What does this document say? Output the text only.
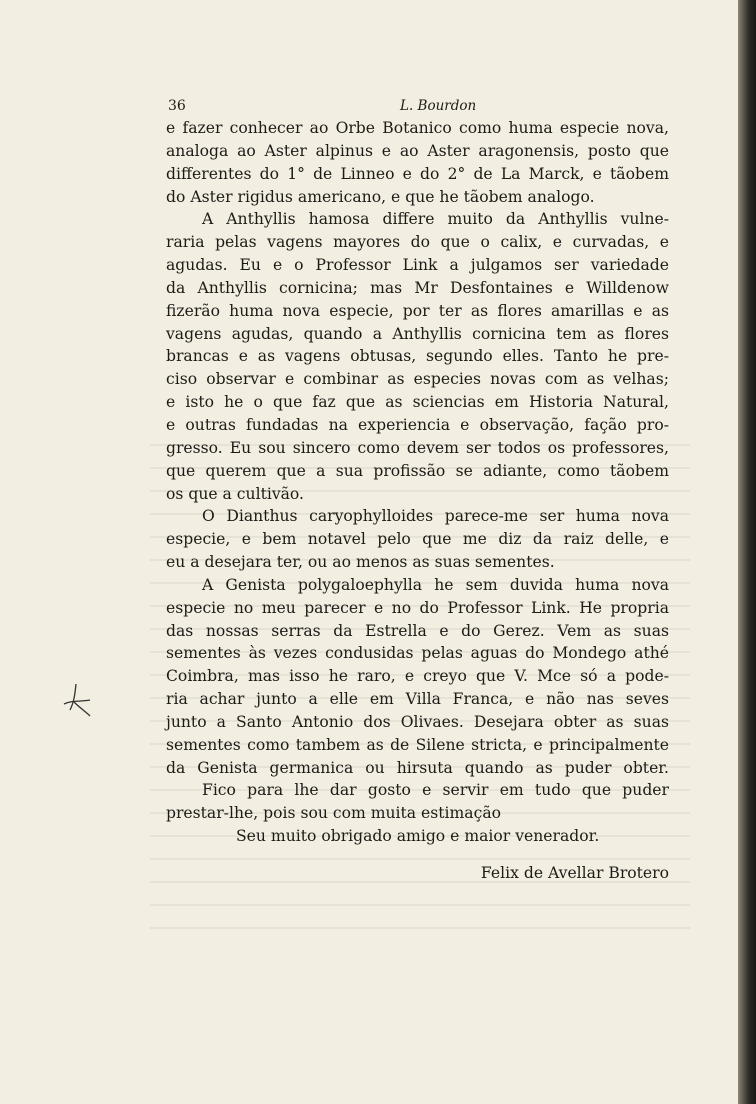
36	L. Bourdon

e fazer conhecer ao Orbe Botanico como huma especie nova,
analoga ao Aster alpinus e ao Aster aragonensis, posto que
differentes do 1° de Linneo e do 2° de La Marck, e tãobem
do Aster rigidus americano, e que he tãobem analogo.

A Anthyllis hamosa differe muito da Anthyllis vulne-
raria pelas vagens mayores do que o calix, e curvadas, e
agudas. Eu e o Professor Link a julgamos ser variedade
da Anthyllis cornicina; mas Mr Desfontaines e Willdenow
fizerão huma nova especie, por ter as flores amarillas e as
vagens agudas, quando a Anthyllis cornicina tem as flores
brancas e as vagens obtusas, segundo elles. Tanto he pre-
ciso observar e combinar as especies novas com as velhas;
e isto he o que faz que as sciencias em Historia Natural,
e outras fundadas na experiencia e observação, fação pro-
gresso. Eu sou sincero como devem ser todos os professores,
que querem que a sua profissão se adiante, como tãobem
os que a cultivão.

O Dianthus caryophylloides parece-me ser huma nova
especie, e bem notavel pelo que me diz da raiz delle, e
eu a desejara ter, ou ao menos as suas sementes.

A Genista polygaloephylla he sem duvida huma nova
especie no meu parecer e no do Professor Link. He propria
das nossas serras da Estrella e do Gerez. Vem as suas
sementes às vezes condusidas pelas aguas do Mondego athé
Coimbra, mas isso he raro, e creyo que V. Mce só a pode-
ria achar junto a elle em Villa Franca, e não nas seves
junto a Santo Antonio dos Olivaes. Desejara obter as suas
sementes como tambem as de Silene stricta, e principalmente
da Genista germanica ou hirsuta quando as puder obter.

Fico para lhe dar gosto e servir em tudo que puder
prestar-lhe, pois sou com muita estimação

Seu muito obrigado amigo e maior venerador.

Felix de Avellar Brotero
